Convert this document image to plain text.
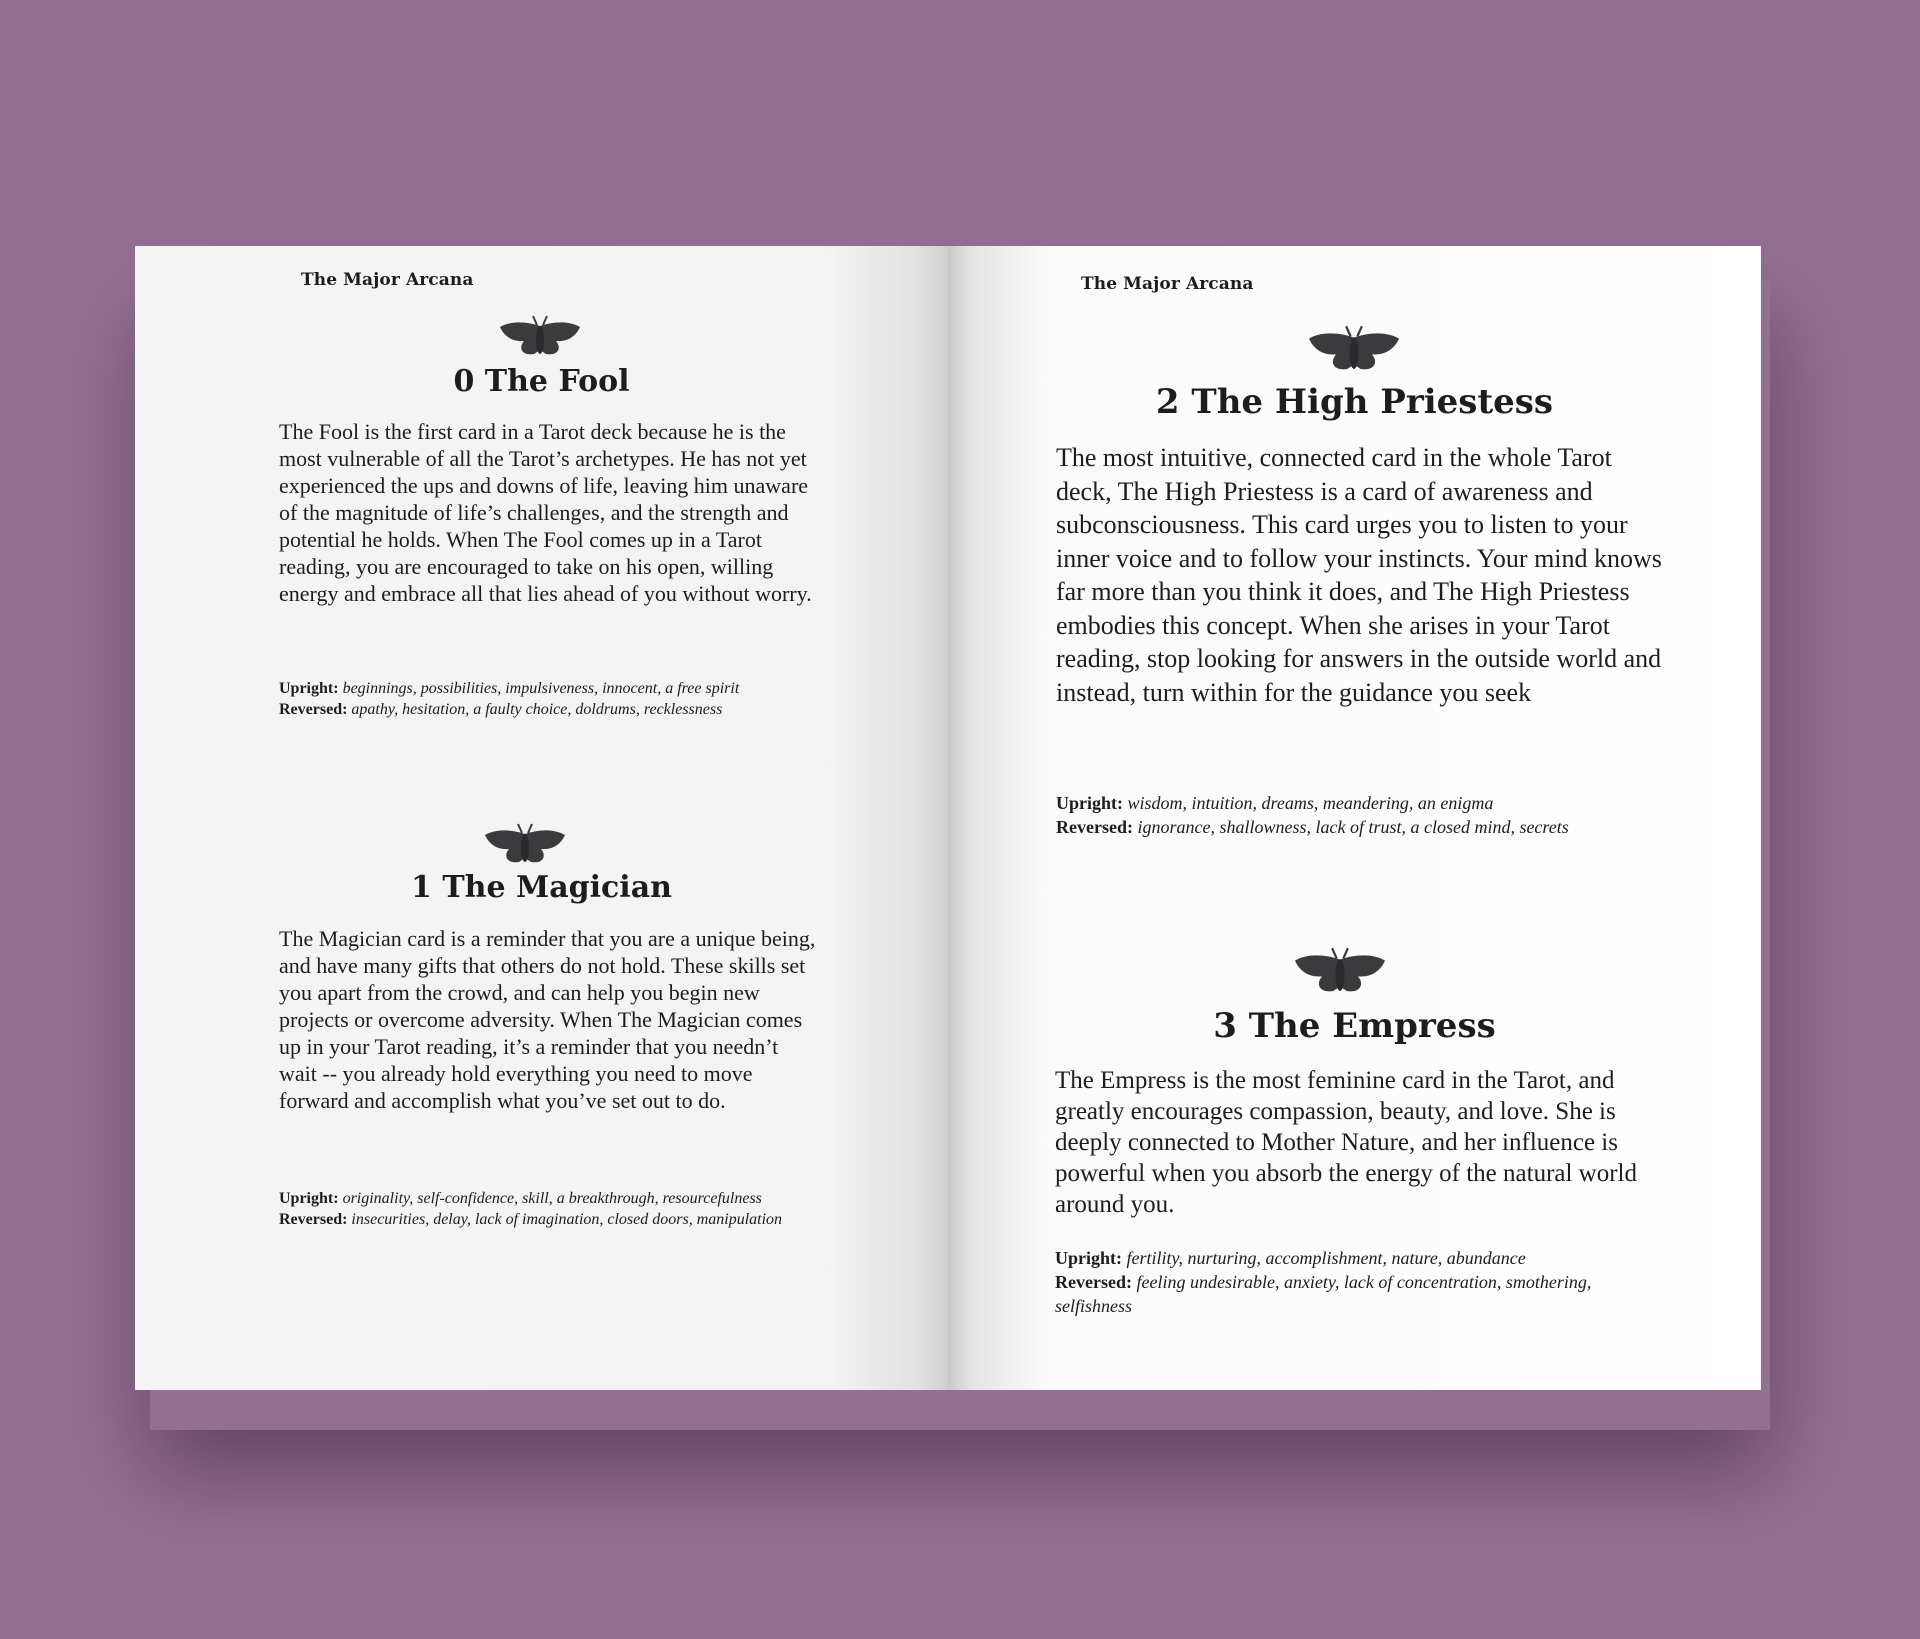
The Major Arcana
0 The Fool

The Fool is the first card in a Tarot deck because he is the most vulnerable of all the Tarot’s archetypes. He has not yet experienced the ups and downs of life, leaving him unaware of the magnitude of life’s challenges, and the strength and potential he holds. When The Fool comes up in a Tarot reading, you are encouraged to take on his open, willing energy and embrace all that lies ahead of you without worry.

Upright: beginnings, possibilities, impulsiveness, innocent, a free spirit
Reversed: apathy, hesitation, a faulty choice, doldrums, recklessness

1 The Magician

The Magician card is a reminder that you are a unique being, and have many gifts that others do not hold. These skills set you apart from the crowd, and can help you begin new projects or overcome adversity. When The Magician comes up in your Tarot reading, it’s a reminder that you needn’t wait -- you already hold everything you need to move forward and accomplish what you’ve set out to do.

Upright: originality, self-confidence, skill, a breakthrough, resourcefulness
Reversed: insecurities, delay, lack of imagination, closed doors, manipulation

The Major Arcana
2 The High Priestess

The most intuitive, connected card in the whole Tarot deck, The High Priestess is a card of awareness and subconsciousness. This card urges you to listen to your inner voice and to follow your instincts. Your mind knows far more than you think it does, and The High Priestess embodies this concept. When she arises in your Tarot reading, stop looking for answers in the outside world and instead, turn within for the guidance you seek

Upright: wisdom, intuition, dreams, meandering, an enigma
Reversed: ignorance, shallowness, lack of trust, a closed mind, secrets

3 The Empress

The Empress is the most feminine card in the Tarot, and greatly encourages compassion, beauty, and love. She is deeply connected to Mother Nature, and her influence is powerful when you absorb the energy of the natural world around you.

Upright: fertility, nurturing, accomplishment, nature, abundance
Reversed: feeling undesirable, anxiety, lack of concentration, smothering, selfishness
